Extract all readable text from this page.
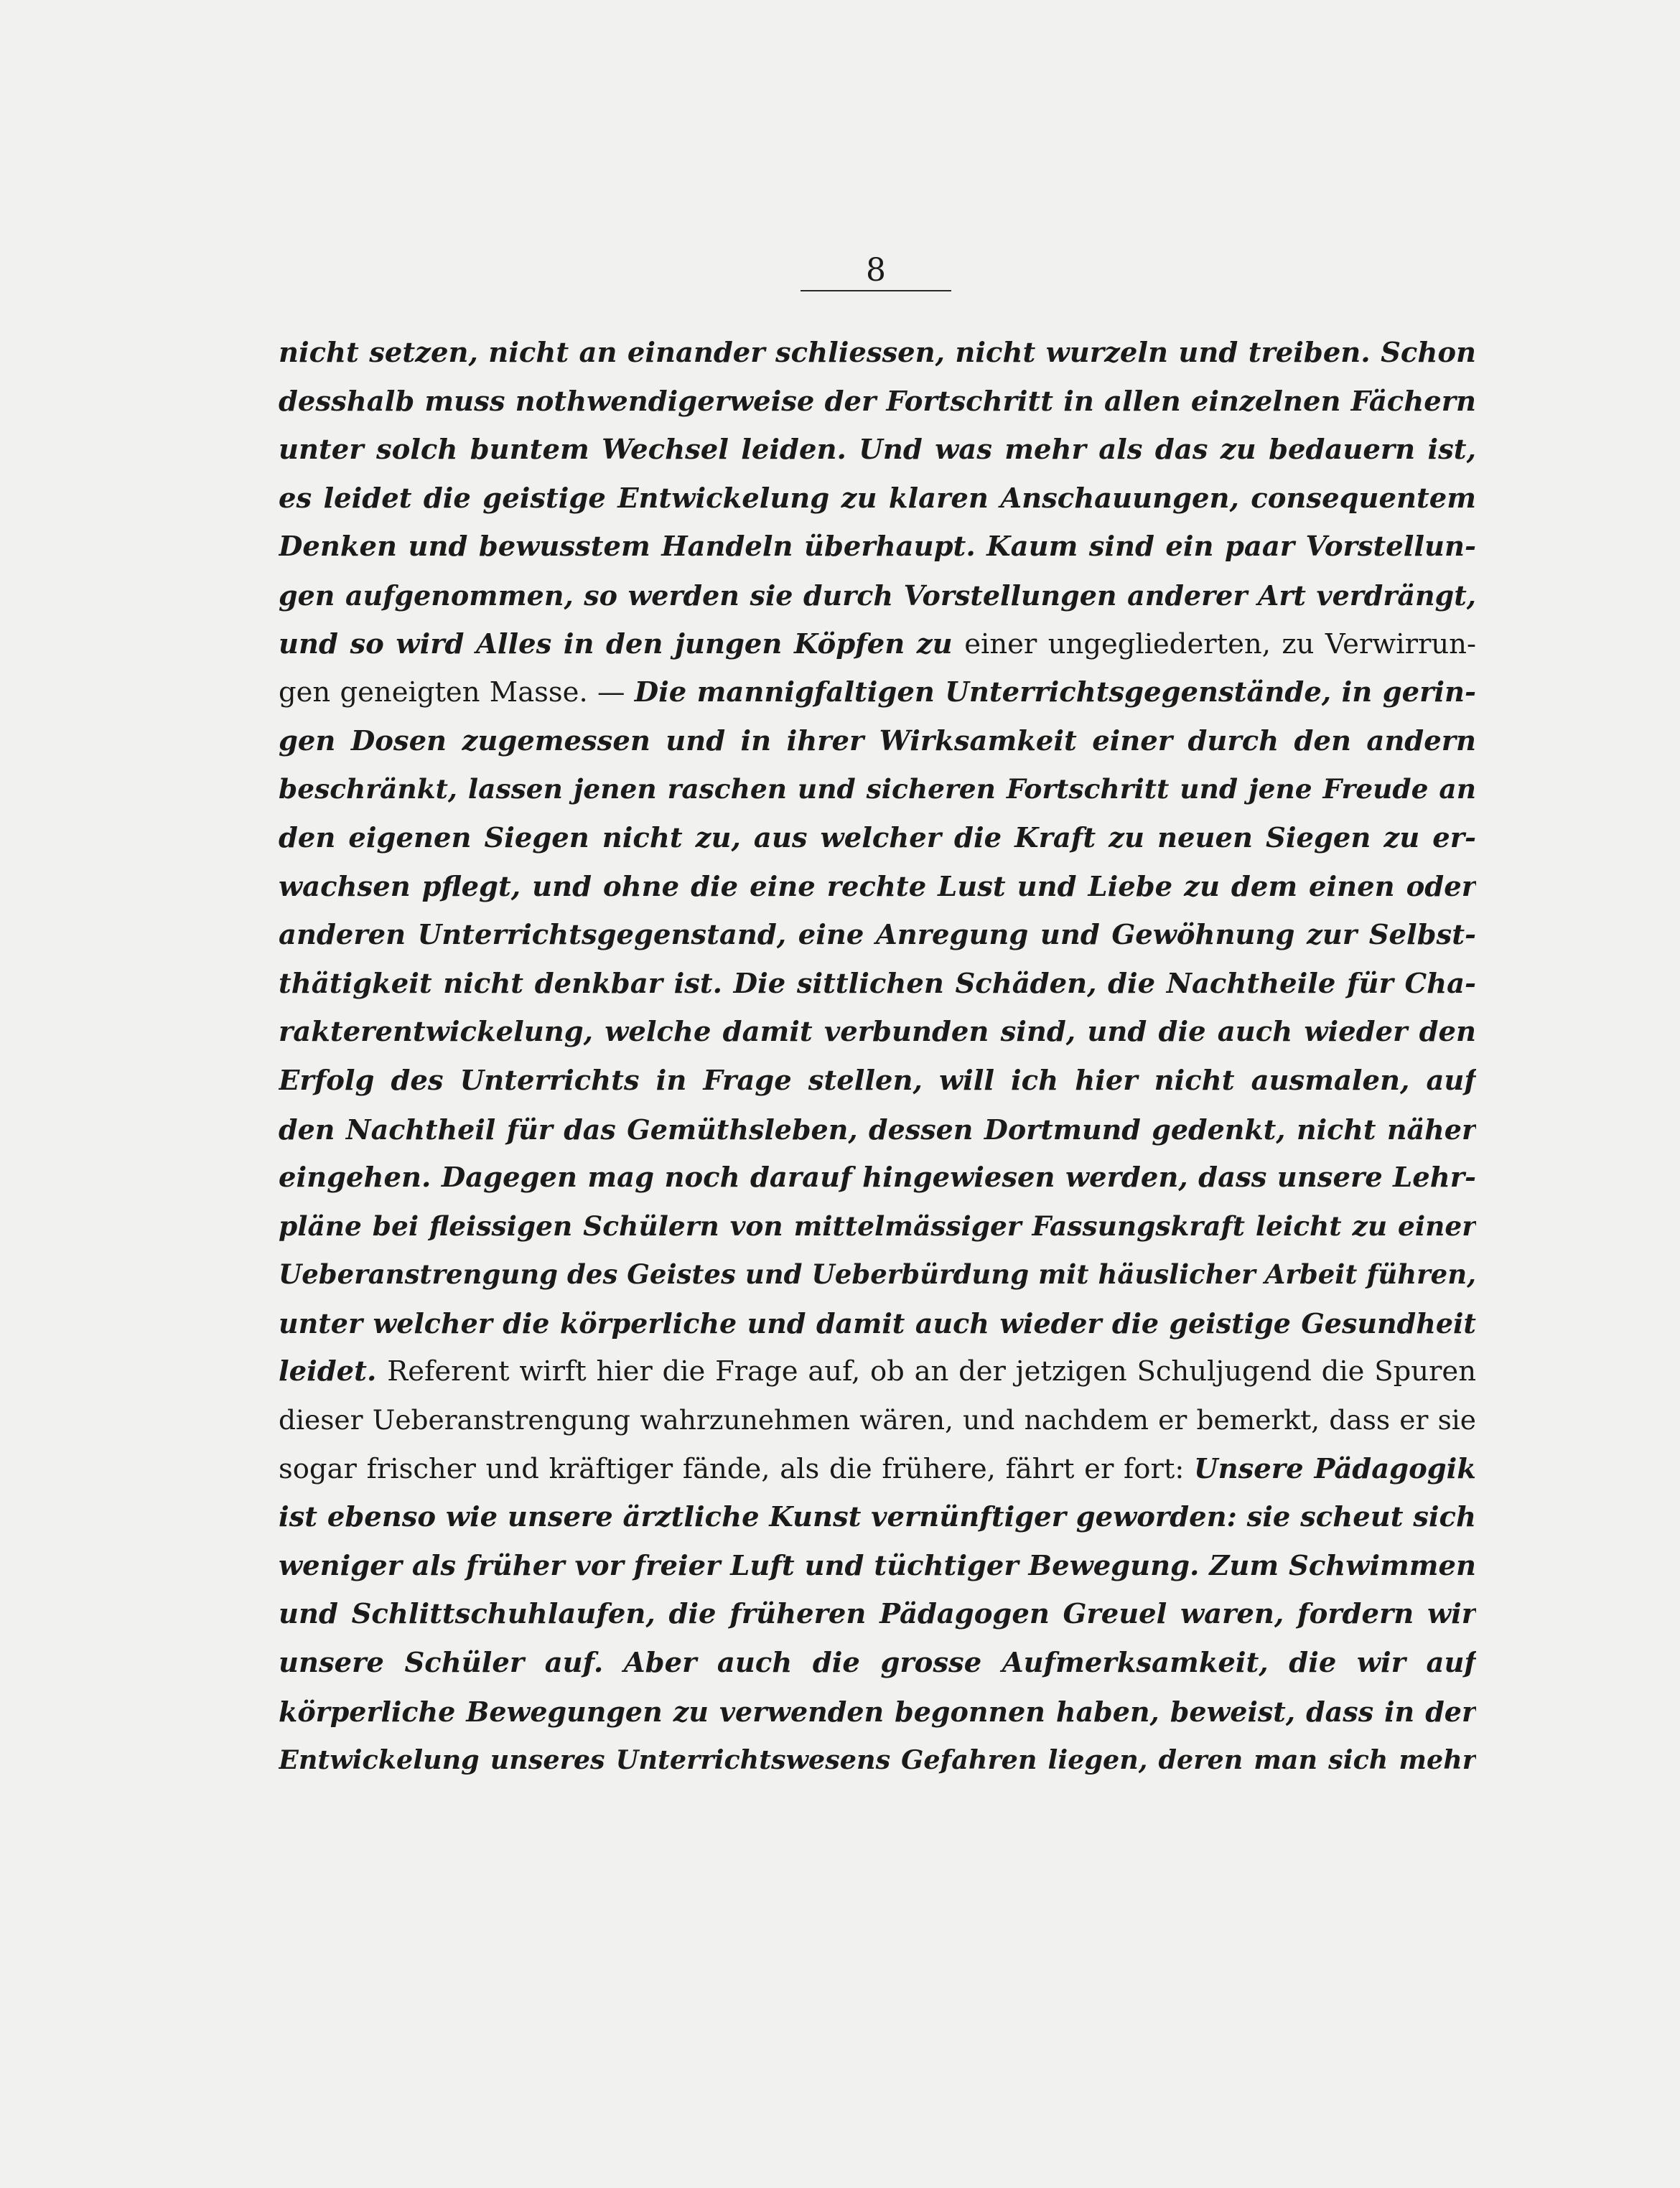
8
nicht setzen, nicht an einander schliessen, nicht wurzeln und treiben. Schon
desshalb muss nothwendigerweise der Fortschritt in allen einzelnen Fächern
unter solch buntem Wechsel leiden. Und was mehr als das zu bedauern ist,
es leidet die geistige Entwickelung zu klaren Anschauungen, consequentem
Denken und bewusstem Handeln überhaupt. Kaum sind ein paar Vorstellun-
gen aufgenommen, so werden sie durch Vorstellungen anderer Art verdrängt,
und so wird Alles in den jungen Köpfen zu einer ungegliederten, zu Verwirrun-
gen geneigten Masse. — Die mannigfaltigen Unterrichtsgegenstände, in gerin-
gen Dosen zugemessen und in ihrer Wirksamkeit einer durch den andern
beschränkt, lassen jenen raschen und sicheren Fortschritt und jene Freude an
den eigenen Siegen nicht zu, aus welcher die Kraft zu neuen Siegen zu er-
wachsen pflegt, und ohne die eine rechte Lust und Liebe zu dem einen oder
anderen Unterrichtsgegenstand, eine Anregung und Gewöhnung zur Selbst-
thätigkeit nicht denkbar ist. Die sittlichen Schäden, die Nachtheile für Cha-
rakterentwickelung, welche damit verbunden sind, und die auch wieder den
Erfolg des Unterrichts in Frage stellen, will ich hier nicht ausmalen, auf
den Nachtheil für das Gemüthsleben, dessen Dortmund gedenkt, nicht näher
eingehen. Dagegen mag noch darauf hingewiesen werden, dass unsere Lehr-
pläne bei fleissigen Schülern von mittelmässiger Fassungskraft leicht zu einer
Ueberanstrengung des Geistes und Ueberbürdung mit häuslicher Arbeit führen,
unter welcher die körperliche und damit auch wieder die geistige Gesundheit
leidet. Referent wirft hier die Frage auf, ob an der jetzigen Schuljugend die Spuren
dieser Ueberanstrengung wahrzunehmen wären, und nachdem er bemerkt, dass er sie
sogar frischer und kräftiger fände, als die frühere, fährt er fort: Unsere Pädagogik
ist ebenso wie unsere ärztliche Kunst vernünftiger geworden: sie scheut sich
weniger als früher vor freier Luft und tüchtiger Bewegung. Zum Schwimmen
und Schlittschuhlaufen, die früheren Pädagogen Greuel waren, fordern wir
unsere Schüler auf. Aber auch die grosse Aufmerksamkeit, die wir auf
körperliche Bewegungen zu verwenden begonnen haben, beweist, dass in der
Entwickelung unseres Unterrichtswesens Gefahren liegen, deren man sich mehr
